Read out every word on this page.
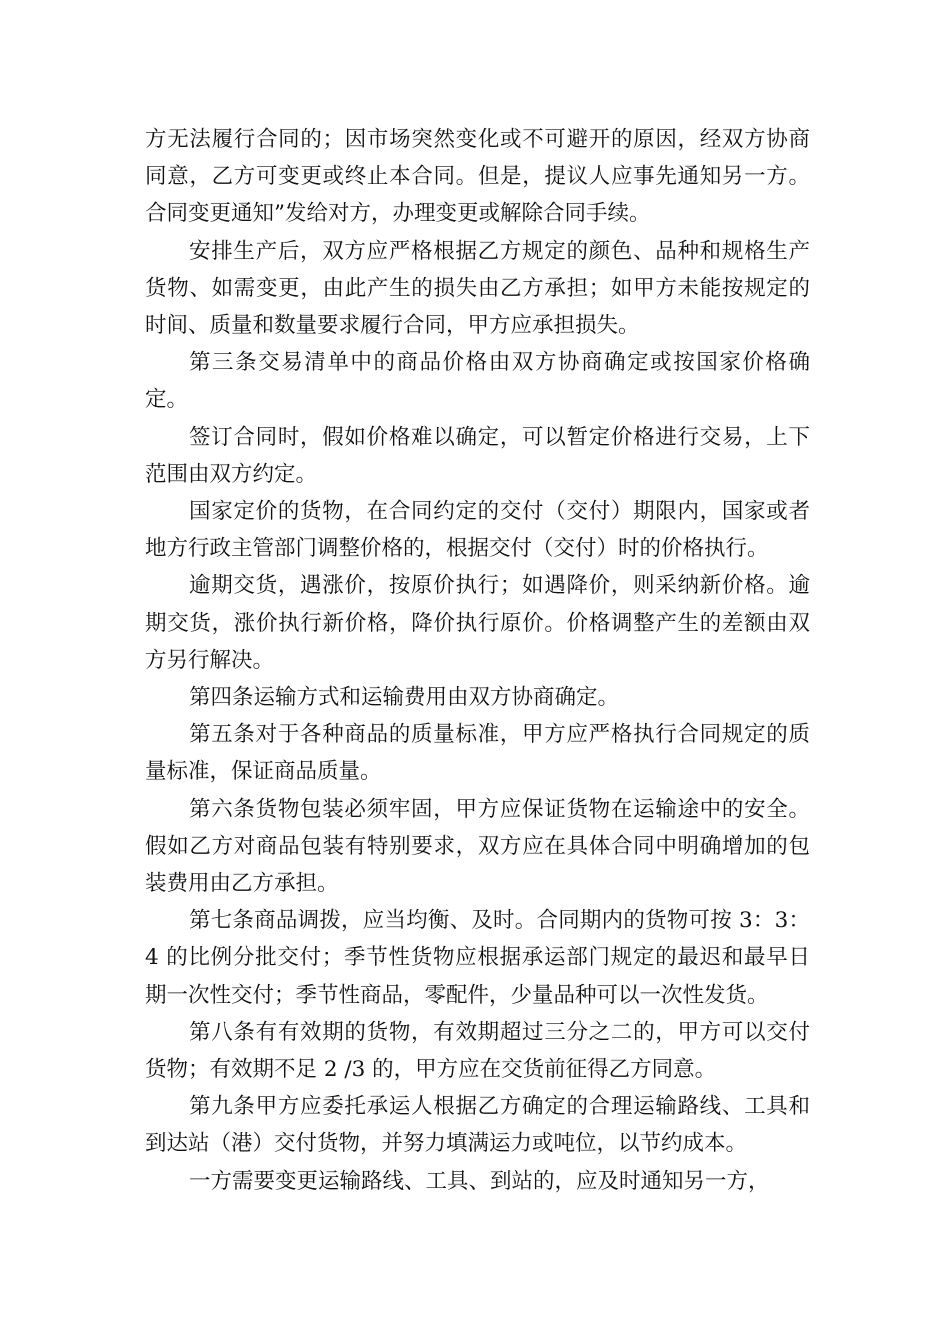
方无法履行合同的；因市场突然变化或不可避开的原因，经双方协商同意，乙方可变更或终止本合同。但是，提议人应事先通知另一方。合同变更通知”发给对方，办理变更或解除合同手续。

安排生产后，双方应严格根据乙方规定的颜色、品种和规格生产货物、如需变更，由此产生的损失由乙方承担；如甲方未能按规定的时间、质量和数量要求履行合同，甲方应承担损失。

第三条交易清单中的商品价格由双方协商确定或按国家价格确定。

签订合同时，假如价格难以确定，可以暂定价格进行交易，上下范围由双方约定。

国家定价的货物，在合同约定的交付（交付）期限内，国家或者地方行政主管部门调整价格的，根据交付（交付）时的价格执行。

逾期交货，遇涨价，按原价执行；如遇降价，则采纳新价格。逾期交货，涨价执行新价格，降价执行原价。价格调整产生的差额由双方另行解决。

第四条运输方式和运输费用由双方协商确定。

第五条对于各种商品的质量标准，甲方应严格执行合同规定的质量标准，保证商品质量。

第六条货物包装必须牢固，甲方应保证货物在运输途中的安全。假如乙方对商品包装有特别要求，双方应在具体合同中明确增加的包装费用由乙方承担。

第七条商品调拨，应当均衡、及时。合同期内的货物可按 3：3： 4 的比例分批交付；季节性货物应根据承运部门规定的最迟和最早日期一次性交付；季节性商品，零配件，少量品种可以一次性发货。

第八条有有效期的货物，有效期超过三分之二的，甲方可以交付货物；有效期不足 2 /3 的，甲方应在交货前征得乙方同意。

第九条甲方应委托承运人根据乙方确定的合理运输路线、工具和到达站（港）交付货物，并努力填满运力或吨位，以节约成本。

一方需要变更运输路线、工具、到站的，应及时通知另一方，
